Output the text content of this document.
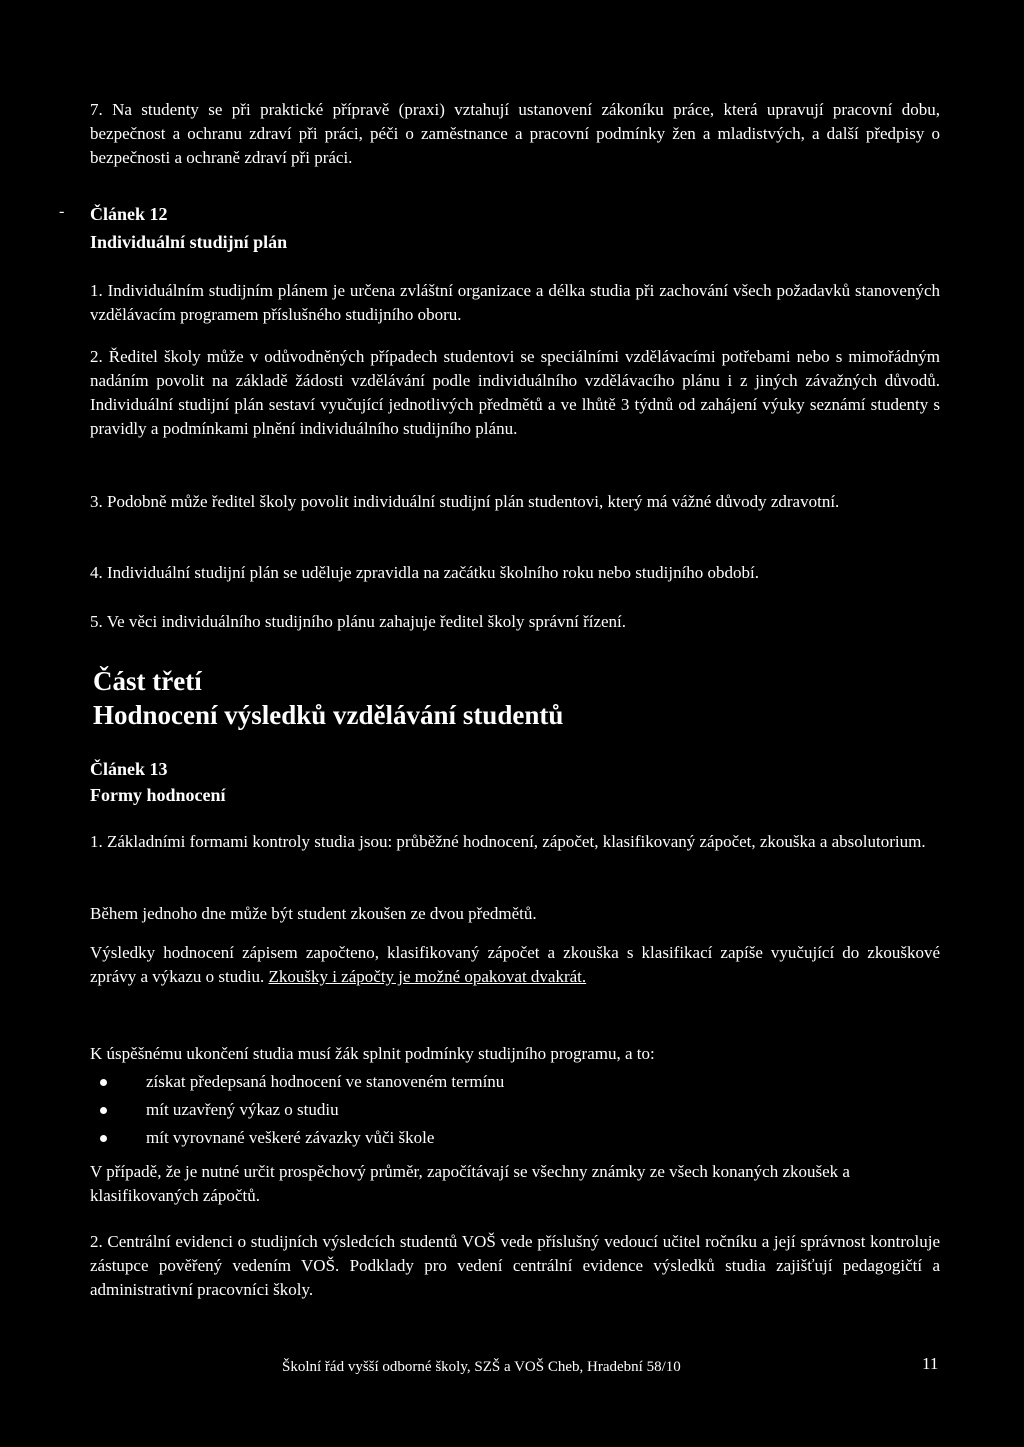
-

7. Na studenty se při praktické přípravě (praxi) vztahují ustanovení zákoníku práce, která upravují pracovní dobu, bezpečnost a ochranu zdraví při práci, péči o zaměstnance a pracovní podmínky žen a mladistvých, a další předpisy o bezpečnosti a ochraně zdraví při práci.

Článek 12
Individuální studijní plán

1. Individuálním studijním plánem je určena zvláštní organizace a délka studia při zachování všech požadavků stanovených vzdělávacím programem příslušného studijního oboru.

2. Ředitel školy může v odůvodněných případech studentovi se speciálními vzdělávacími potřebami nebo s mimořádným nadáním povolit na základě žádosti vzdělávání podle individuálního vzdělávacího plánu i z jiných závažných důvodů. Individuální studijní plán sestaví vyučující jednotlivých předmětů a ve lhůtě 3 týdnů od zahájení výuky seznámí studenty s pravidly a podmínkami plnění individuálního studijního plánu.

3. Podobně může ředitel školy povolit individuální studijní plán studentovi, který má vážné důvody zdravotní.

4. Individuální studijní plán se uděluje zpravidla na začátku školního roku nebo studijního období.

5. Ve věci individuálního studijního plánu zahajuje ředitel školy správní řízení.

Část třetí
Hodnocení výsledků vzdělávání studentů
Článek 13
Formy hodnocení

1. Základními formami kontroly studia jsou: průběžné hodnocení, zápočet, klasifikovaný zápočet, zkouška a absolutorium.

Během jednoho dne může být student zkoušen ze dvou předmětů.

Výsledky hodnocení zápisem započteno, klasifikovaný zápočet a zkouška s klasifikací zapíše vyučující do zkouškové zprávy a výkazu o studiu. Zkoušky i zápočty je možné opakovat dvakrát.

K úspěšnému ukončení studia musí žák splnit podmínky studijního programu, a to:

získat předepsaná hodnocení ve stanoveném termínu
mít uzavřený výkaz o studiu
mít vyrovnané veškeré závazky vůči škole

V případě, že je nutné určit prospěchový průměr, započítávají se všechny známky ze všech konaných zkoušek a klasifikovaných zápočtů.

2. Centrální evidenci o studijních výsledcích studentů VOŠ vede příslušný vedoucí učitel ročníku a její správnost kontroluje zástupce pověřený vedením VOŠ. Podklady pro vedení centrální evidence výsledků studia zajišťují pedagogičtí a administrativní pracovníci školy.

Školní řád vyšší odborné školy, SZŠ a VOŠ Cheb, Hradební 58/10	11
